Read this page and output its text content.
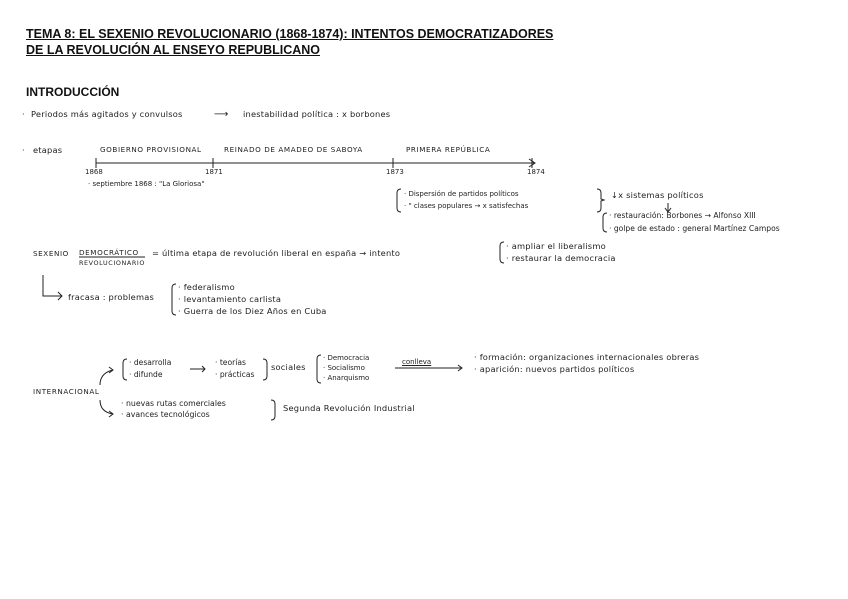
TEMA 8: EL SEXENIO REVOLUCIONARIO (1868-1874): INTENTOS DEMOCRATIZADORES
DE LA REVOLUCIÓN AL ENSEYO REPUBLICANO
INTRODUCCIÓN
· Periodos más agitados y convulsos	⟶ inestabilidad política : x borbones
· etapas	GOBIERNO PROVISIONAL	REINADO DE AMADEO DE SABOYA	PRIMERA REPÚBLICA
1868	1871	1873	1874
· septiembre 1868 : "La Gloriosa"
· Dispersión de partidos políticos
· " clases populares → x satisfechas
↓x sistemas políticos
· restauración: Borbones → Alfonso XIII
· golpe de estado : general Martínez Campos
SEXENIO DEMOCRÁTICO
REVOLUCIONARIO
= última etapa de revolución liberal en españa → intento
· ampliar el liberalismo
· restaurar la democracia
fracasa : problemas
· federalismo
· levantamiento carlista
· Guerra de los Diez Años en Cuba
INTERNACIONAL
· desarrolla
· difunde
· teorías
· prácticas
sociales
· Democracia
· Socialismo
· Anarquismo
conlleva	· formación: organizaciones internacionales obreras
· aparición: nuevos partidos políticos
· nuevas rutas comerciales
· avances tecnológicos
Segunda Revolución Industrial
